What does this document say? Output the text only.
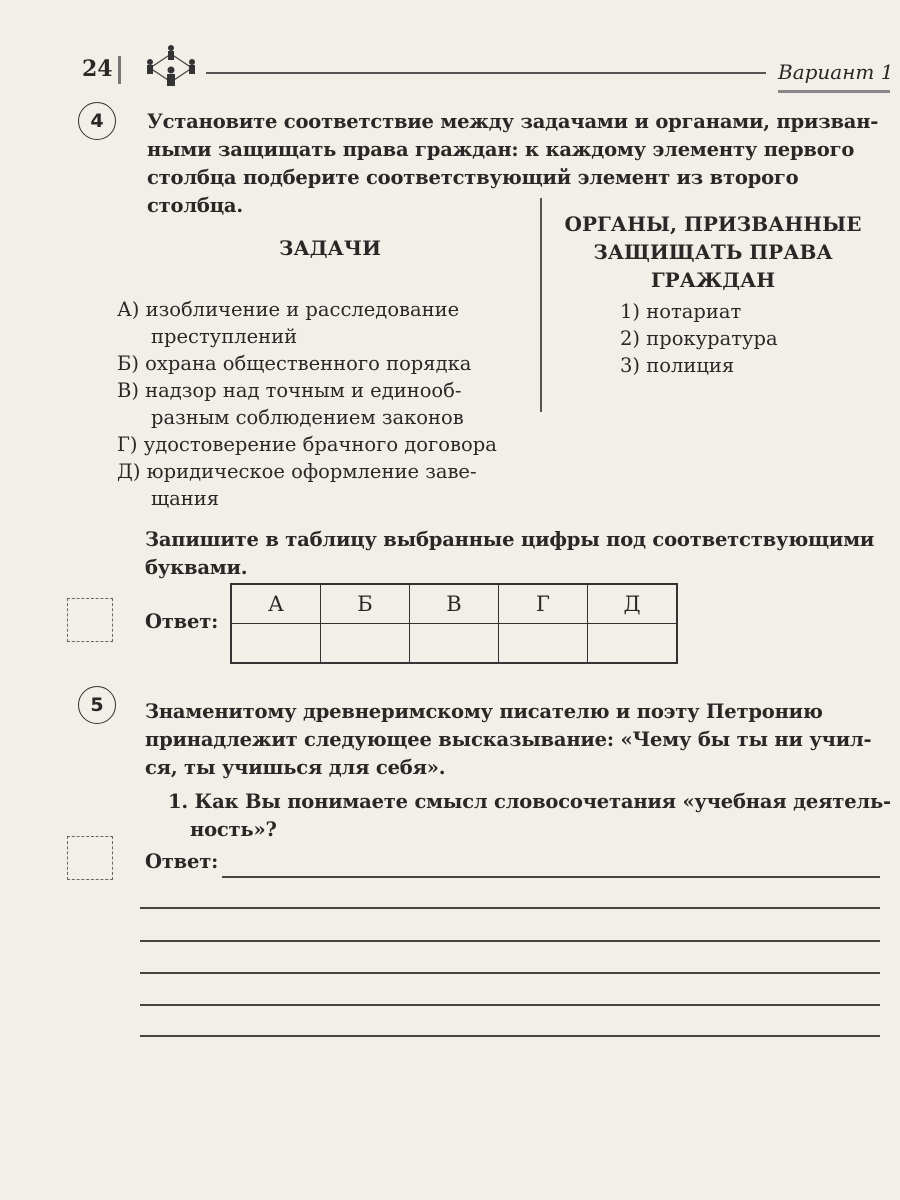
24	Вариант 1
4	Установите соответствие между задачами и органами, призван-
ными защищать права граждан: к каждому элементу первого
столбца подберите соответствующий элемент из второго столбца.
ЗАДАЧИ
А) изобличение и расследование
преступлений
Б) охрана общественного порядка
В) надзор над точным и единооб-
разным соблюдением законов
Г) удостоверение брачного договора
Д) юридическое оформление заве-
щания
ОРГАНЫ, ПРИЗВАННЫЕ
ЗАЩИЩАТЬ ПРАВА
ГРАЖДАН
1) нотариат
2) прокуратура
3) полиция
Запишите в таблицу выбранные цифры под соответствующими
буквами.
Ответ:
А	Б	В	Г	Д

5	Знаменитому древнеримскому писателю и поэту Петронию
принадлежит следующее высказывание: «Чему бы ты ни учил-
ся, ты учишься для себя».
1. Как Вы понимаете смысл словосочетания «учебная деятель-
ность»?
Ответ:
